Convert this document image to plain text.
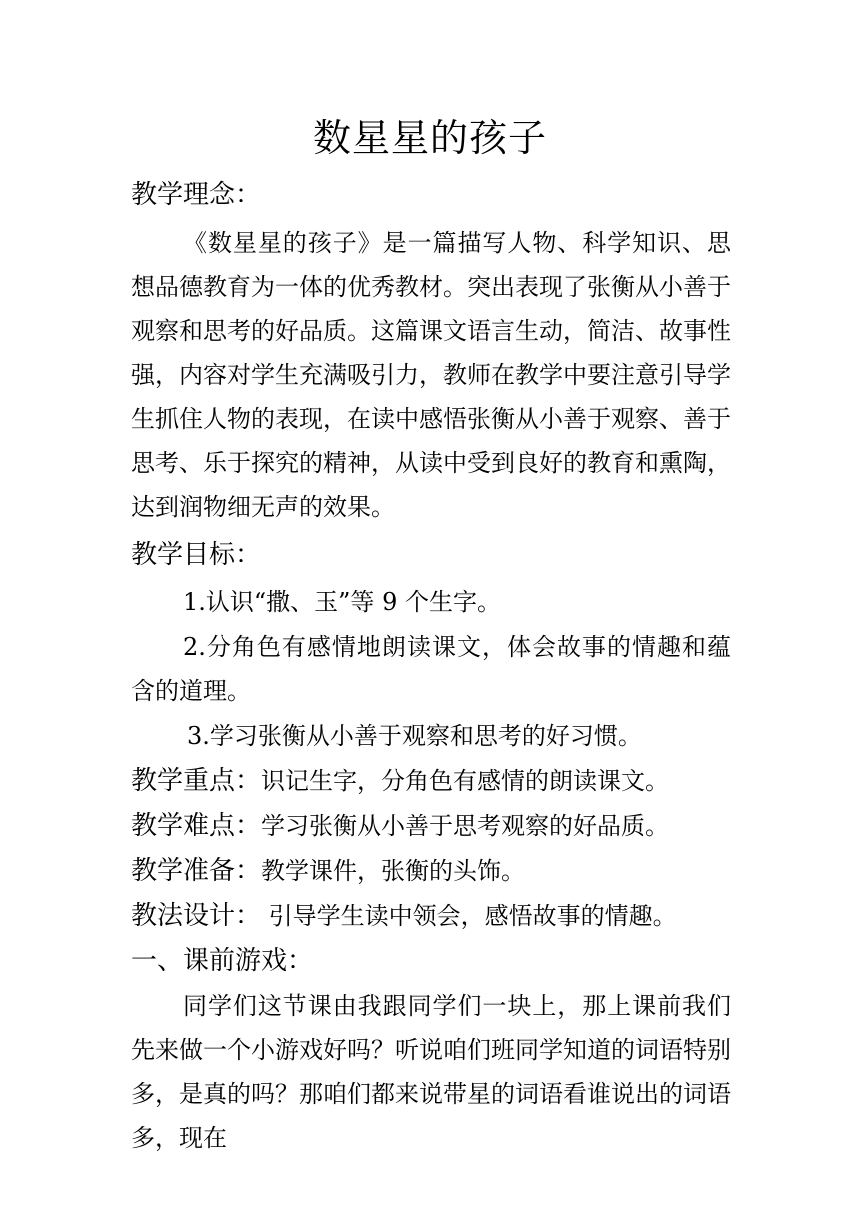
数星星的孩子
教学理念：
《数星星的孩子》是一篇描写人物、科学知识、思想品德教育为一体的优秀教材。突出表现了张衡从小善于观察和思考的好品质。这篇课文语言生动，简洁、故事性强，内容对学生充满吸引力，教师在教学中要注意引导学生抓住人物的表现，在读中感悟张衡从小善于观察、善于思考、乐于探究的精神，从读中受到良好的教育和熏陶，达到润物细无声的效果。
教学目标：
1.认识“撒、玉”等 9 个生字。
2.分角色有感情地朗读课文，体会故事的情趣和蕴含的道理。
3.学习张衡从小善于观察和思考的好习惯。
教学重点：识记生字，分角色有感情的朗读课文。
教学难点：学习张衡从小善于思考观察的好品质。
教学准备：教学课件，张衡的头饰。
教法设计： 引导学生读中领会，感悟故事的情趣。
一、课前游戏：
同学们这节课由我跟同学们一块上，那上课前我们先来做一个小游戏好吗？听说咱们班同学知道的词语特别多，是真的吗？那咱们都来说带星的词语看谁说出的词语多，现在
